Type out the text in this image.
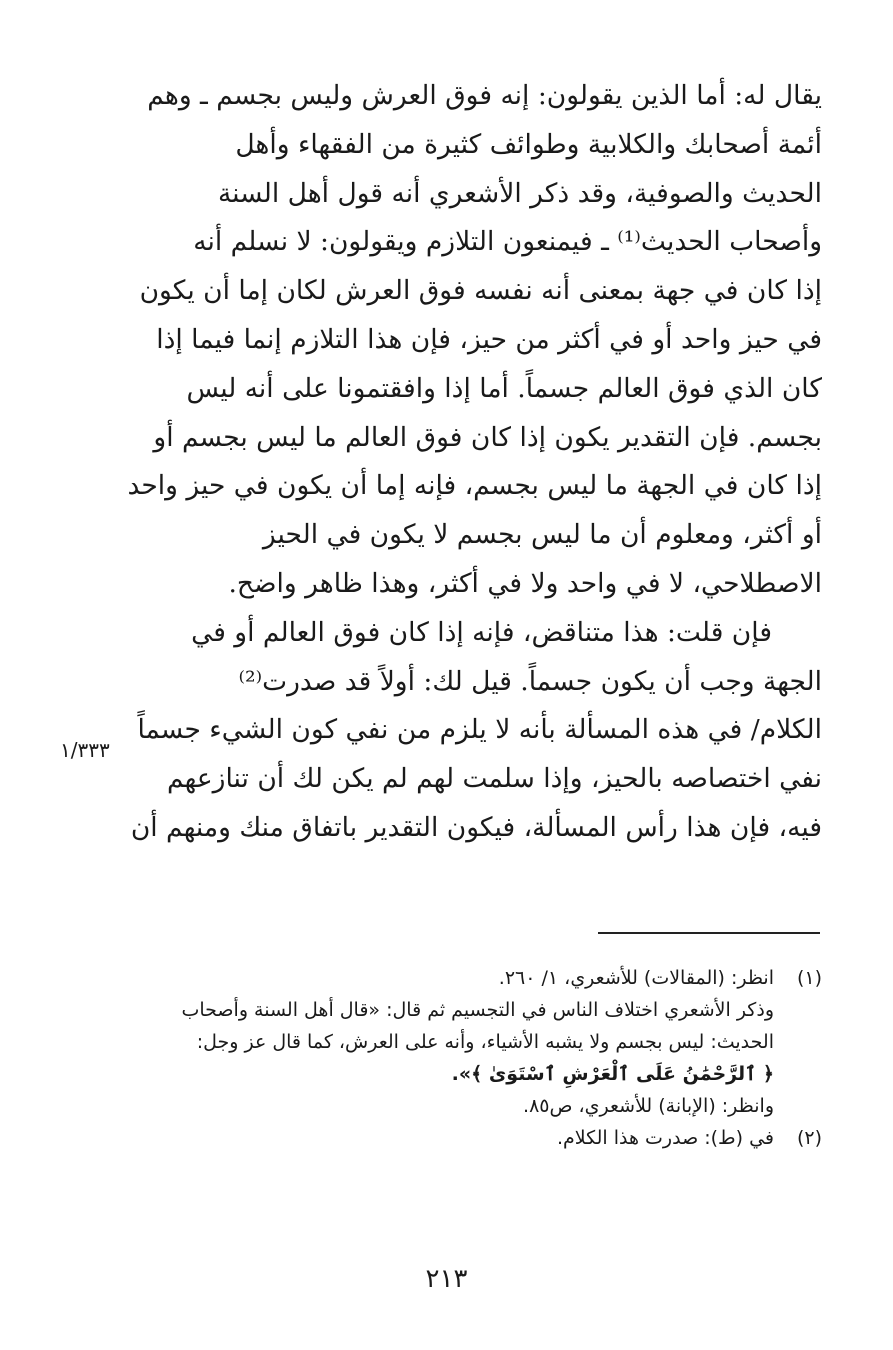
يقال له: أما الذين يقولون: إنه فوق العرش وليس بجسم ـ وهم
أئمة أصحابك والكلابية وطوائف كثيرة من الفقهاء وأهل
الحديث والصوفية، وقد ذكر الأشعري أنه قول أهل السنة
وأصحاب الحديث⁽¹⁾ ـ فيمنعون التلازم ويقولون: لا نسلم أنه
إذا كان في جهة بمعنى أنه نفسه فوق العرش لكان إما أن يكون
في حيز واحد أو في أكثر من حيز، فإن هذا التلازم إنما فيما إذا
كان الذي فوق العالم جسماً. أما إذا وافقتمونا على أنه ليس
بجسم. فإن التقدير يكون إذا كان فوق العالم ما ليس بجسم أو
إذا كان في الجهة ما ليس بجسم، فإنه إما أن يكون في حيز واحد
أو أكثر، ومعلوم أن ما ليس بجسم لا يكون في الحيز
الاصطلاحي، لا في واحد ولا في أكثر، وهذا ظاهر واضح.

فإن قلت: هذا متناقض، فإنه إذا كان فوق العالم أو في
الجهة وجب أن يكون جسماً. قيل لك: أولاً قد صدرت⁽²⁾
الكلام/ في هذه المسألة بأنه لا يلزم من نفي كون الشيء جسماً
نفي اختصاصه بالحيز، وإذا سلمت لهم لم يكن لك أن تنازعهم
فيه، فإن هذا رأس المسألة، فيكون التقدير باتفاق منك ومنهم أن

١/٣٣٣
(١)
انظر: (المقالات) للأشعري، ١/ ٢٦٠.
وذكر الأشعري اختلاف الناس في التجسيم ثم قال: «قال أهل السنة وأصحاب
الحديث: ليس بجسم ولا يشبه الأشياء، وأنه على العرش، كما قال عز وجل:
﴿ ٱلرَّحْمَٰنُ عَلَى ٱلْعَرْشِ ٱسْتَوَىٰ ﴾».
وانظر: (الإبانة) للأشعري، ص٨٥.
(٢)
في (ط): صدرت هذا الكلام.
٢١٣
